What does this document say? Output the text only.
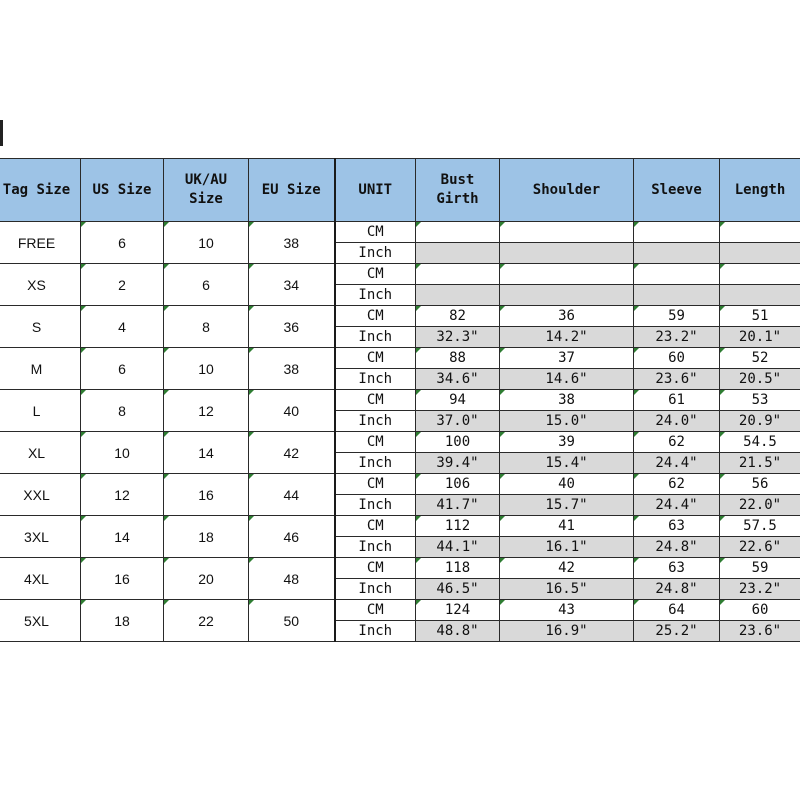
Tag Size	US Size	UK/AU Size	EU Size	UNIT	Bust Girth	Shoulder	Sleeve	Length
FREE	6	10	38	CM				
				Inch				
XS	2	6	34	CM				
				Inch				
S	4	8	36	CM	82	36	59	51
				Inch	32.3"	14.2"	23.2"	20.1"
M	6	10	38	CM	88	37	60	52
				Inch	34.6"	14.6"	23.6"	20.5"
L	8	12	40	CM	94	38	61	53
				Inch	37.0"	15.0"	24.0"	20.9"
XL	10	14	42	CM	100	39	62	54.5
				Inch	39.4"	15.4"	24.4"	21.5"
XXL	12	16	44	CM	106	40	62	56
				Inch	41.7"	15.7"	24.4"	22.0"
3XL	14	18	46	CM	112	41	63	57.5
				Inch	44.1"	16.1"	24.8"	22.6"
4XL	16	20	48	CM	118	42	63	59
				Inch	46.5"	16.5"	24.8"	23.2"
5XL	18	22	50	CM	124	43	64	60
				Inch	48.8"	16.9"	25.2"	23.6"
